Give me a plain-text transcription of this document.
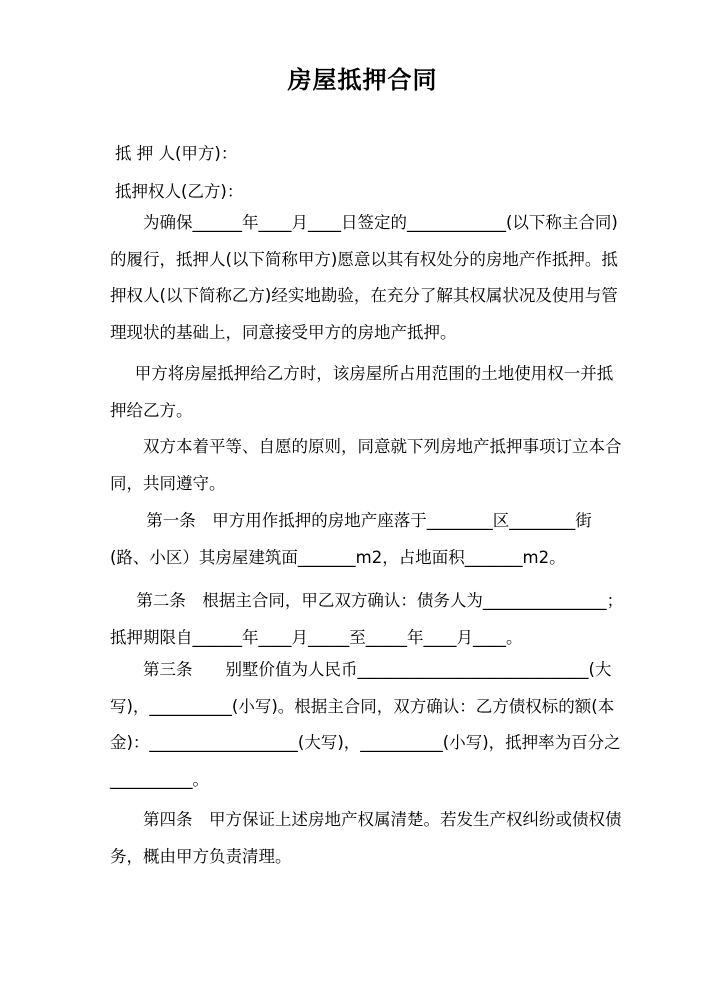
房屋抵押合同
抵 押 人(甲方)：
抵押权人(乙方)：
为确保______年____月____日签定的____________(以下称主合同)的履行，抵押人(以下简称甲方)愿意以其有权处分的房地产作抵押。抵押权人(以下简称乙方)经实地勘验，在充分了解其权属状况及使用与管理现状的基础上，同意接受甲方的房地产抵押。
甲方将房屋抵押给乙方时，该房屋所占用范围的土地使用权一并抵押给乙方。
双方本着平等、自愿的原则，同意就下列房地产抵押事项订立本合同，共同遵守。
第一条　甲方用作抵押的房地产座落于________区________街(路、小区）其房屋建筑面_______m2，占地面积_______m2。
第二条　根据主合同，甲乙双方确认：债务人为_______________；　抵押期限自______年____月_____至_____年____月____。
第三条　　别墅价值为人民币____________________________(大写)，__________(小写)。根据主合同，双方确认：乙方债权标的额(本金)：__________________(大写)，__________(小写)，抵押率为百分之__________。
第四条　甲方保证上述房地产权属清楚。若发生产权纠纷或债权债务，概由甲方负责清理。
